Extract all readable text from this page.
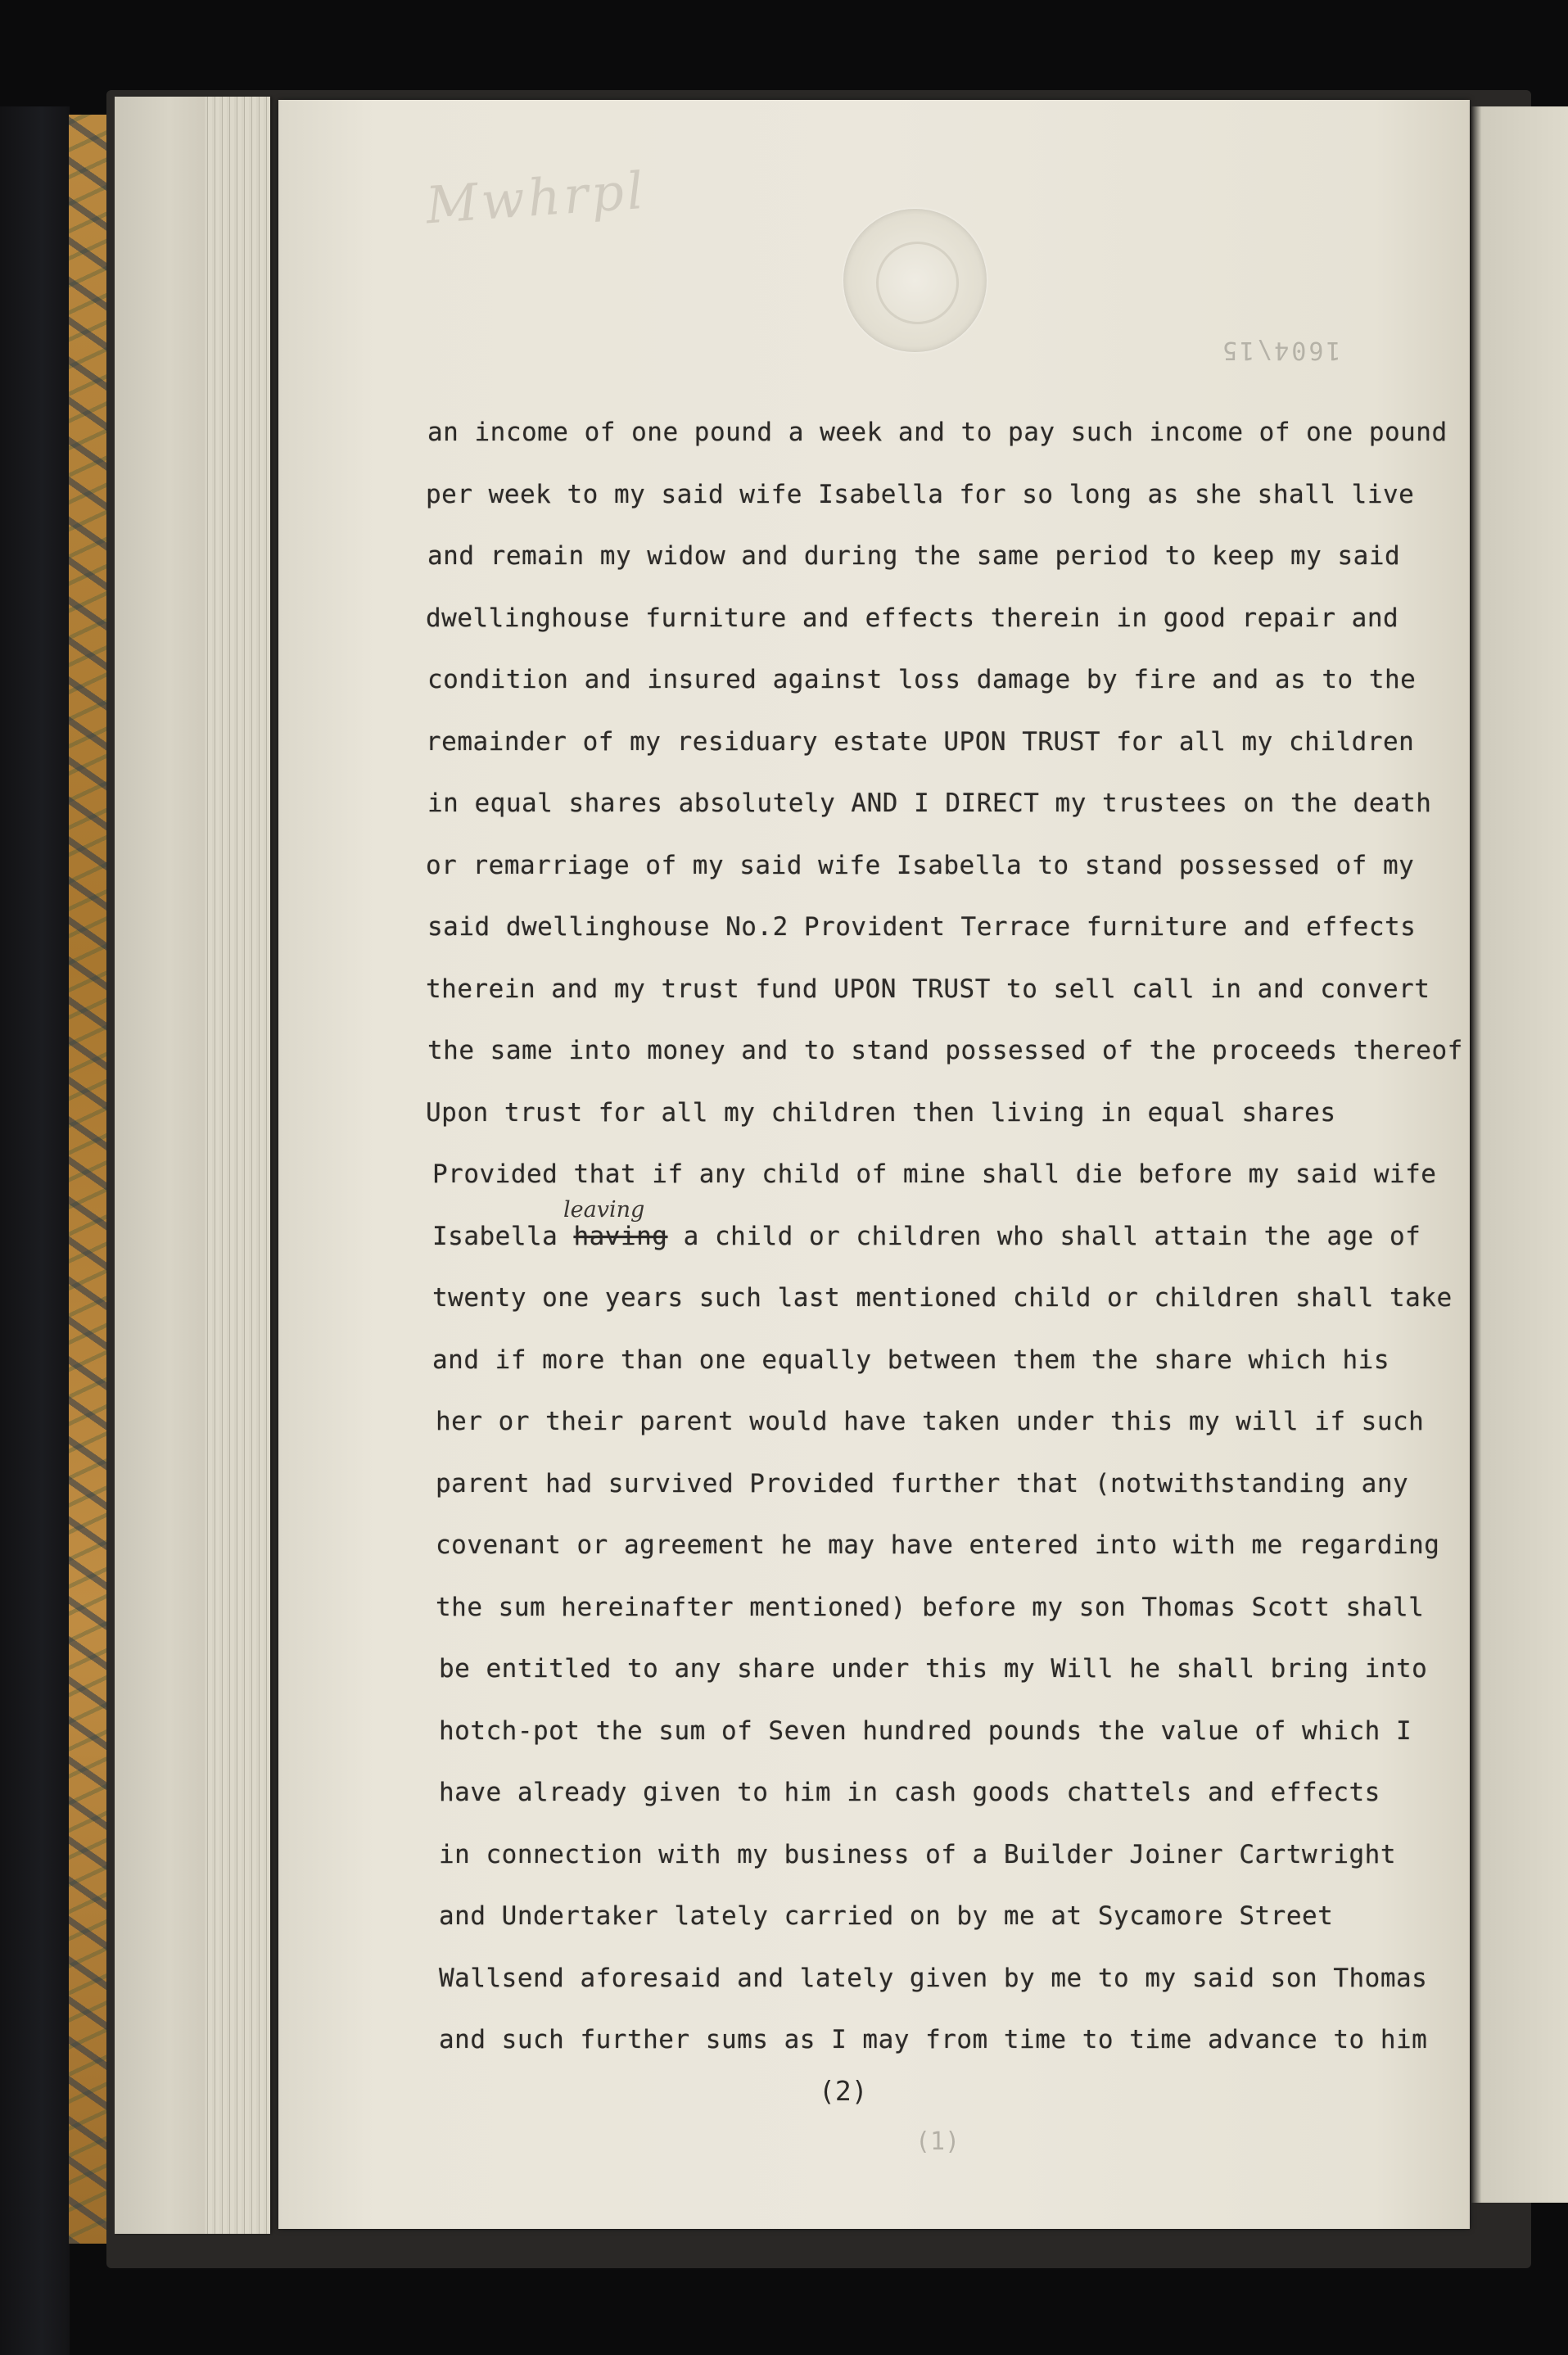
Mwhrpl
1604\15
an income of one pound a week and to pay such income of one pound
per week to my said wife Isabella for so long as she shall live
and remain my widow and during the same period to keep my said
dwellinghouse furniture and effects therein in good repair and
condition and insured against loss damage by fire and as to the
remainder of my residuary estate UPON TRUST for all my children
in equal shares absolutely AND I DIRECT my trustees on the death
or remarriage of my said wife Isabella to stand possessed of my
said dwellinghouse No.2 Provident Terrace furniture and effects
therein and my trust fund UPON TRUST to sell call in and convert
the same into money and to stand possessed of the proceeds thereof
Upon trust for all my children then living in equal shares
Provided that if any child of mine shall die before my said wife
Isabella having a child or children who shall attain the age of
twenty one years such last mentioned child or children shall take
and if more than one equally between them the share which his
her or their parent would have taken under this my will if such
parent had survived Provided further that (notwithstanding any
covenant or agreement he may have entered into with me regarding
the sum hereinafter mentioned) before my son Thomas Scott shall
be entitled to any share under this my Will he shall bring into
hotch-pot the sum of Seven hundred pounds the value of which I
have already given to him in cash goods chattels and effects
in connection with my business of a Builder Joiner Cartwright
and Undertaker lately carried on by me at Sycamore Street
Wallsend aforesaid and lately given by me to my said son Thomas
and such further sums as I may from time to time advance to him
leaving
(2)
(1)
